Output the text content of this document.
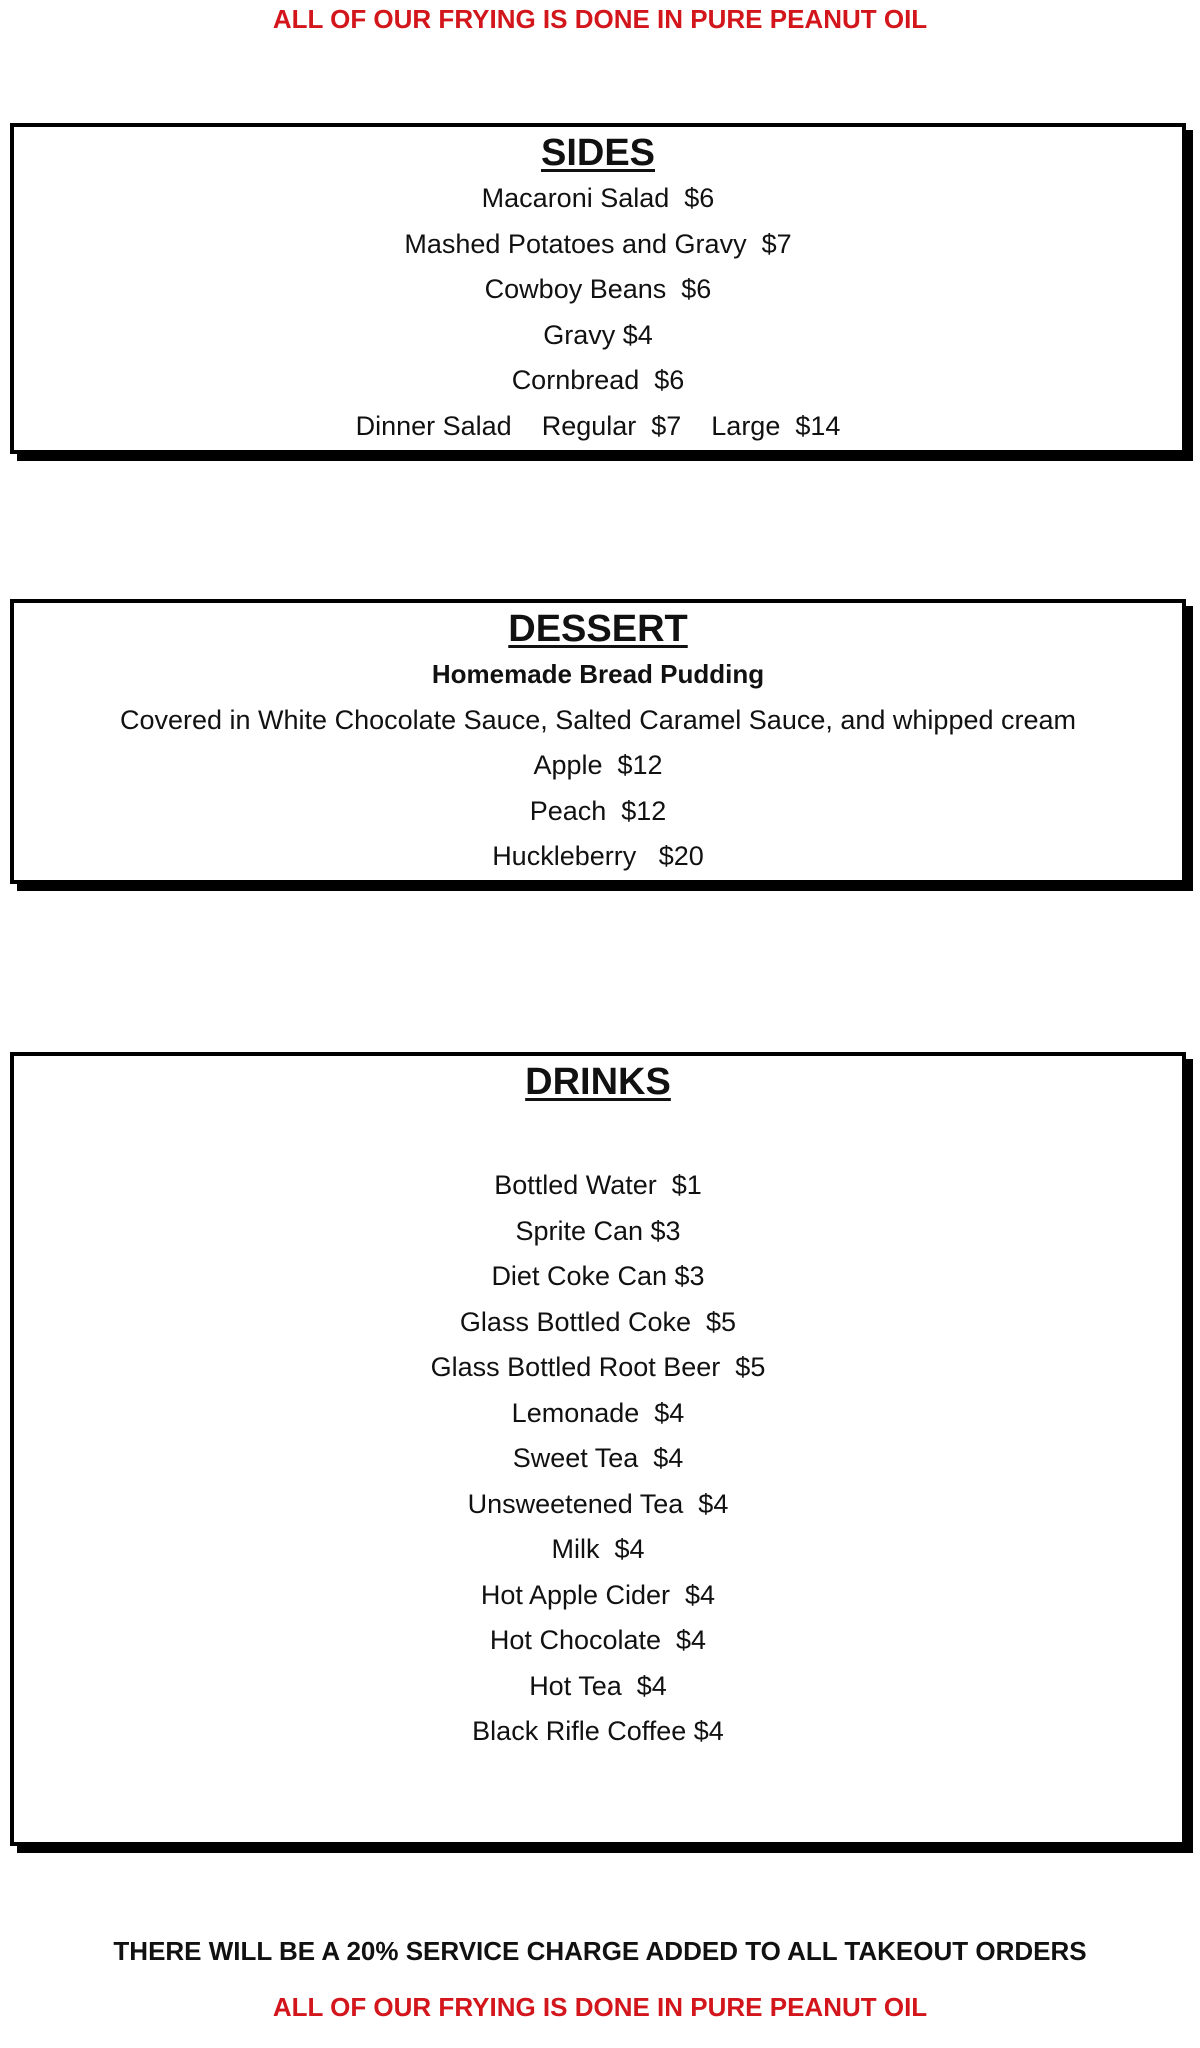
ALL OF OUR FRYING IS DONE IN PURE PEANUT OIL
SIDES
Macaroni Salad  $6
Mashed Potatoes and Gravy  $7
Cowboy Beans  $6
Gravy $4
Cornbread  $6
Dinner Salad    Regular  $7    Large  $14
DESSERT
Homemade Bread Pudding
Covered in White Chocolate Sauce, Salted Caramel Sauce, and whipped cream
Apple  $12
Peach  $12
Huckleberry   $20
DRINKS
Bottled Water  $1
Sprite Can $3
Diet Coke Can $3
Glass Bottled Coke  $5
Glass Bottled Root Beer  $5
Lemonade  $4
Sweet Tea  $4
Unsweetened Tea  $4
Milk  $4
Hot Apple Cider  $4
Hot Chocolate  $4
Hot Tea  $4
Black Rifle Coffee $4
THERE WILL BE A 20% SERVICE CHARGE ADDED TO ALL TAKEOUT ORDERS
ALL OF OUR FRYING IS DONE IN PURE PEANUT OIL
